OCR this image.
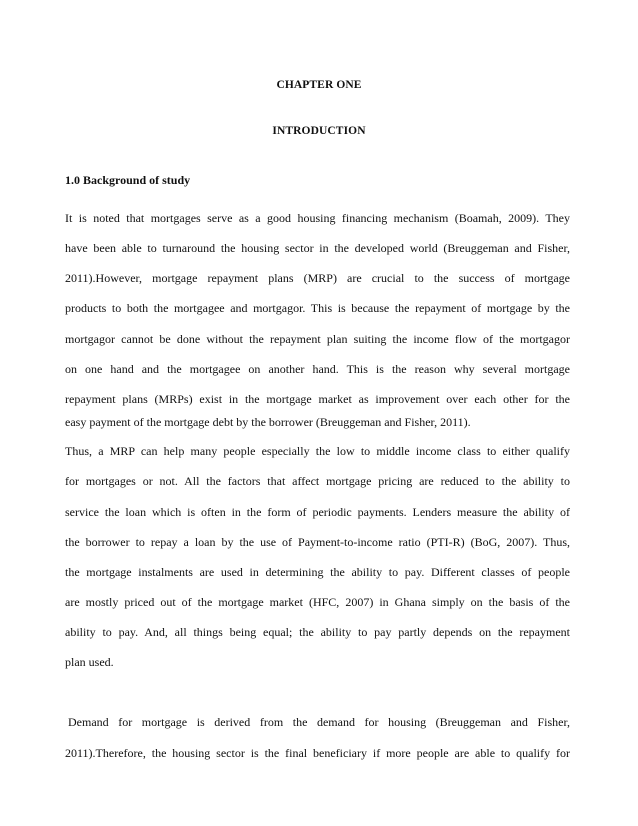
CHAPTER ONE
INTRODUCTION
1.0 Background of study
It is noted that mortgages serve as a good housing financing mechanism (Boamah, 2009). They
have been able to turnaround the housing sector in the developed world (Breuggeman and Fisher,
2011).However, mortgage repayment plans (MRP) are crucial to the success of mortgage
products to both the mortgagee and mortgagor. This is because the repayment of mortgage by the
mortgagor cannot be done without the repayment plan suiting the income flow of the mortgagor
on one hand and the mortgagee on another hand. This is the reason why several mortgage
repayment plans (MRPs) exist in the mortgage market as improvement over each other for the
easy payment of the mortgage debt by the borrower (Breuggeman and Fisher, 2011).
Thus, a MRP can help many people especially the low to middle income class to either qualify
for mortgages or not. All the factors that affect mortgage pricing are reduced to the ability to
service the loan which is often in the form of periodic payments. Lenders measure the ability of
the borrower to repay a loan by the use of Payment-to-income ratio (PTI-R) (BoG, 2007). Thus,
the mortgage instalments are used in determining the ability to pay. Different classes of people
are mostly priced out of the mortgage market (HFC, 2007) in Ghana simply on the basis of the
ability to pay. And, all things being equal; the ability to pay partly depends on the repayment
plan used.
Demand for mortgage is derived from the demand for housing (Breuggeman and Fisher,
2011).Therefore, the housing sector is the final beneficiary if more people are able to qualify for
